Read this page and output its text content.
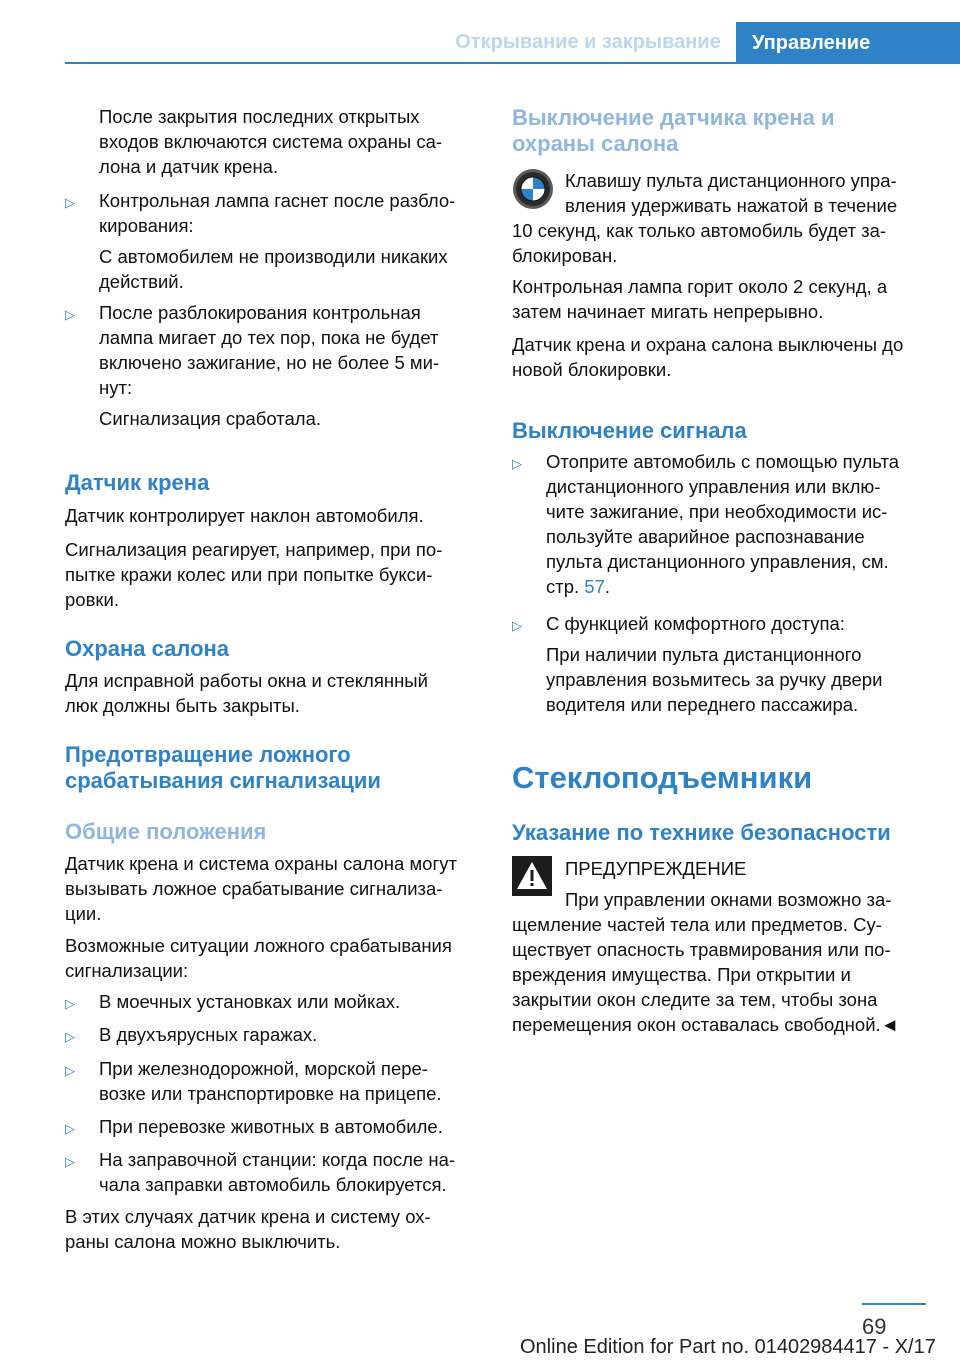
Открывание и закрывание	Управление
После закрытия последних открытых
входов включаются система охраны са-
лона и датчик крена.
▷ Контрольная лампа гаснет после разбло-
кирования:
С автомобилем не производили никаких
действий.
▷ После разблокирования контрольная
лампа мигает до тех пор, пока не будет
включено зажигание, но не более 5 ми-
нут:
Сигнализация сработала.
Датчик крена
Датчик контролирует наклон автомобиля.
Сигнализация реагирует, например, при по-
пытке кражи колес или при попытке букси-
ровки.
Охрана салона
Для исправной работы окна и стеклянный
люк должны быть закрыты.
Предотвращение ложного
срабатывания сигнализации
Общие положения
Датчик крена и система охраны салона могут
вызывать ложное срабатывание сигнализа-
ции.
Возможные ситуации ложного срабатывания
сигнализации:
▷ В моечных установках или мойках.
▷ В двухъярусных гаражах.
▷ При железнодорожной, морской пере-
возке или транспортировке на прицепе.
▷ При перевозке животных в автомобиле.
▷ На заправочной станции: когда после на-
чала заправки автомобиль блокируется.
В этих случаях датчик крена и систему ох-
раны салона можно выключить.
Выключение датчика крена и
охраны салона
Клавишу пульта дистанционного упра-
вления удерживать нажатой в течение
10 секунд, как только автомобиль будет за-
блокирован.
Контрольная лампа горит около 2 секунд, а
затем начинает мигать непрерывно.
Датчик крена и охрана салона выключены до
новой блокировки.
Выключение сигнала
▷ Отоприте автомобиль с помощью пульта
дистанционного управления или вклю-
чите зажигание, при необходимости ис-
пользуйте аварийное распознавание
пульта дистанционного управления, см.
стр. 57.
▷ С функцией комфортного доступа:
При наличии пульта дистанционного
управления возьмитесь за ручку двери
водителя или переднего пассажира.
Стеклоподъемники
Указание по технике безопасности
ПРЕДУПРЕЖДЕНИЕ
При управлении окнами возможно за-
щемление частей тела или предметов. Су-
ществует опасность травмирования или по-
вреждения имущества. При открытии и
закрытии окон следите за тем, чтобы зона
перемещения окон оставалась свободной.◄
69
Online Edition for Part no. 01402984417 - X/17
